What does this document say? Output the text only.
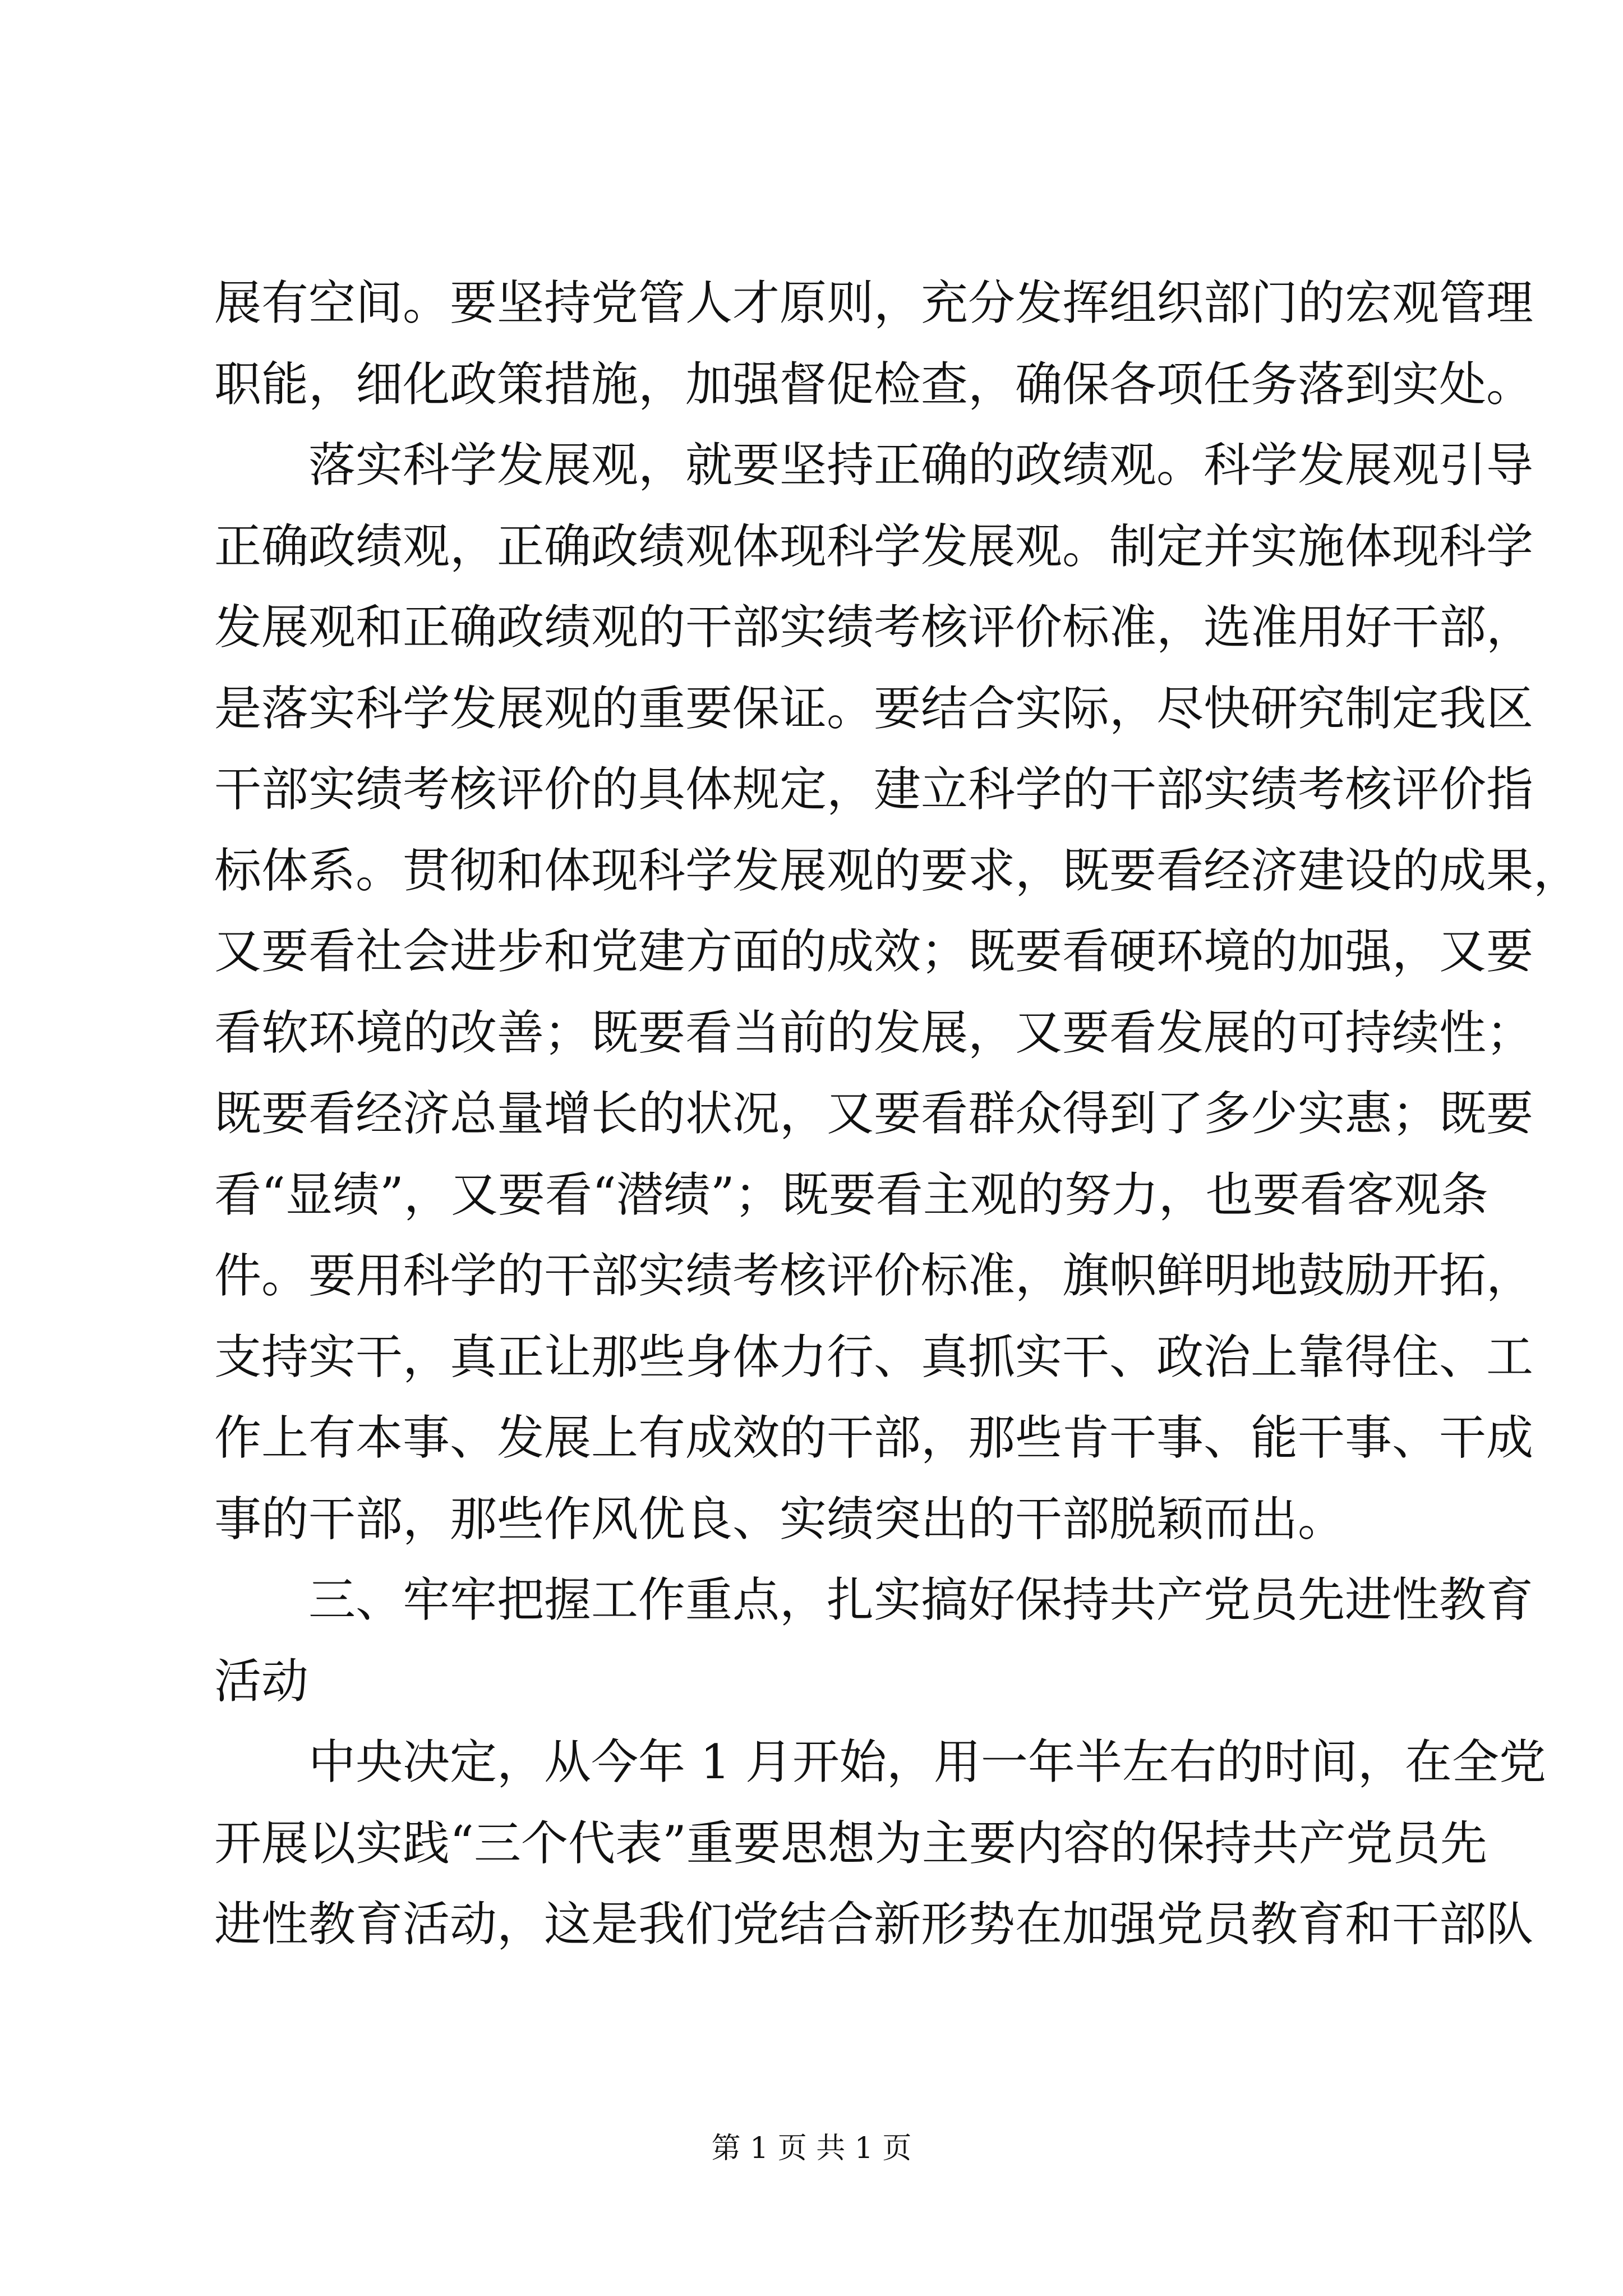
展有空间。要坚持党管人才原则，充分发挥组织部门的宏观管理
职能，细化政策措施，加强督促检查，确保各项任务落到实处。
落实科学发展观，就要坚持正确的政绩观。科学发展观引导
正确政绩观，正确政绩观体现科学发展观。制定并实施体现科学
发展观和正确政绩观的干部实绩考核评价标准，选准用好干部，
是落实科学发展观的重要保证。要结合实际，尽快研究制定我区
干部实绩考核评价的具体规定，建立科学的干部实绩考核评价指
标体系。贯彻和体现科学发展观的要求，既要看经济建设的成果，
又要看社会进步和党建方面的成效；既要看硬环境的加强，又要
看软环境的改善；既要看当前的发展，又要看发展的可持续性；
既要看经济总量增长的状况，又要看群众得到了多少实惠；既要
看“显绩”，又要看“潜绩”；既要看主观的努力，也要看客观条
件。要用科学的干部实绩考核评价标准，旗帜鲜明地鼓励开拓，
支持实干，真正让那些身体力行、真抓实干、政治上靠得住、工
作上有本事、发展上有成效的干部，那些肯干事、能干事、干成
事的干部，那些作风优良、实绩突出的干部脱颖而出。
三、牢牢把握工作重点，扎实搞好保持共产党员先进性教育
活动
中央决定，从今年 1 月开始，用一年半左右的时间，在全党
开展以实践“三个代表”重要思想为主要内容的保持共产党员先
进性教育活动，这是我们党结合新形势在加强党员教育和干部队
第 1 页 共 1 页
